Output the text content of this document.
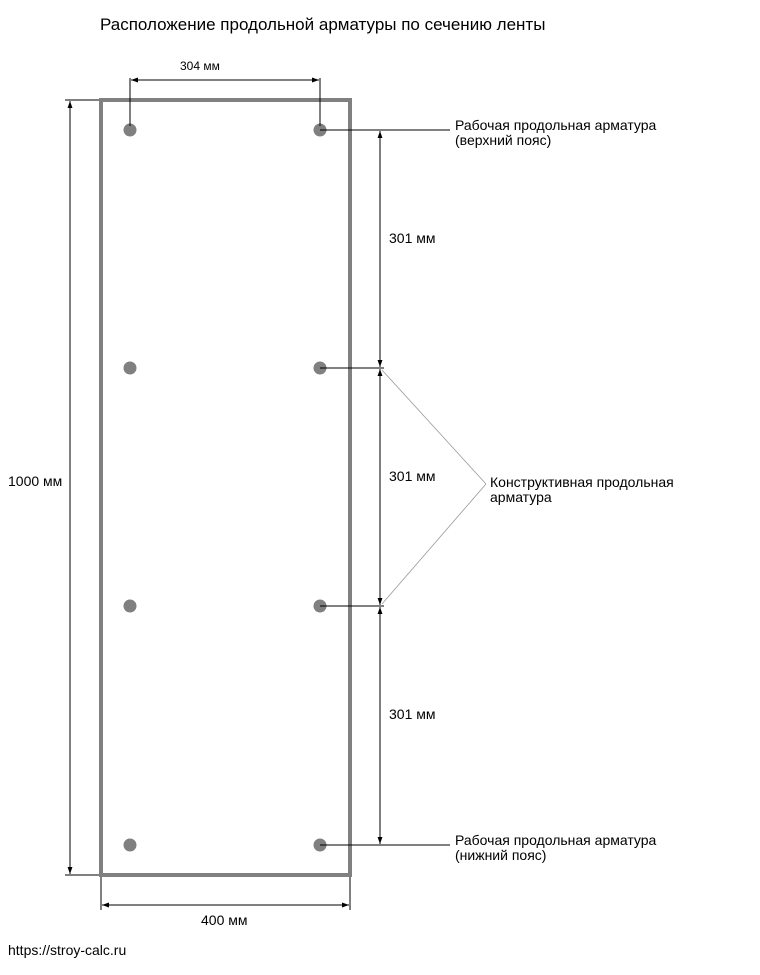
Расположение продольной арматуры по сечению ленты
304 мм
1000 мм
400 мм
301 мм
301 мм
301 мм
Рабочая продольная арматура
(верхний пояс)
Конструктивная продольная
арматура
Рабочая продольная арматура
(нижний пояс)
https://stroy-calc.ru
